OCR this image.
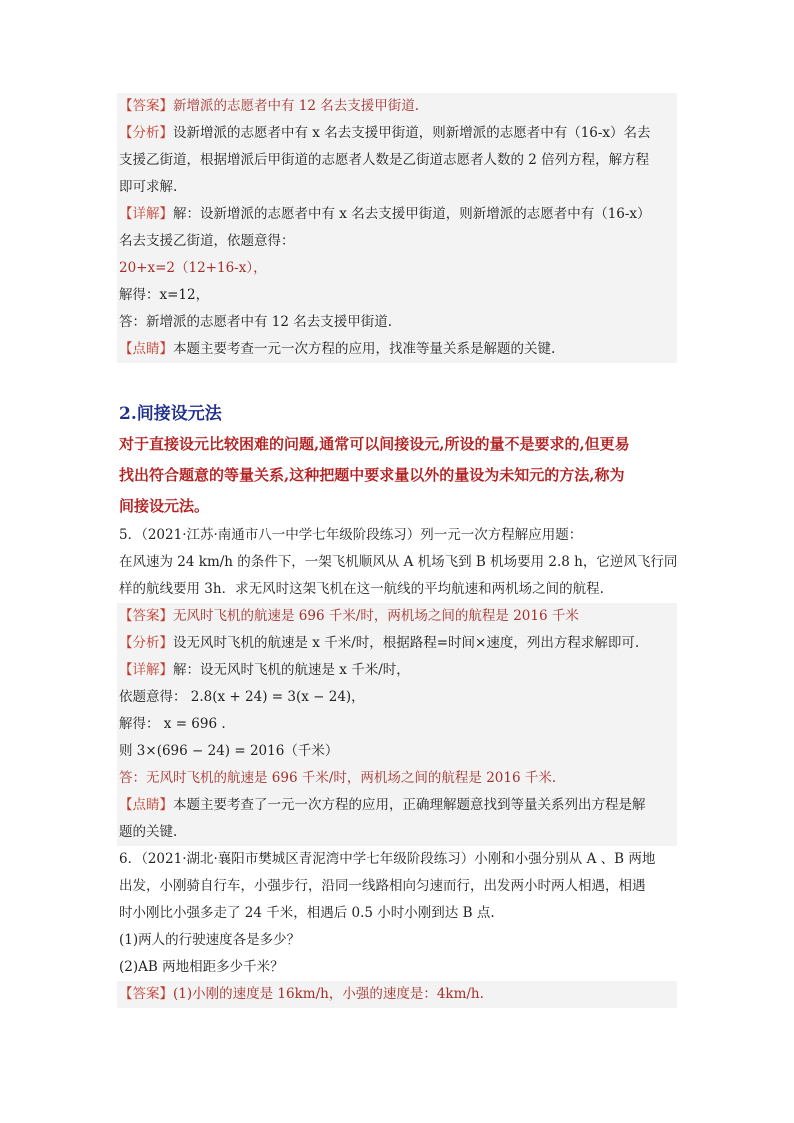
【答案】新增派的志愿者中有 12 名去支援甲街道.
【分析】设新增派的志愿者中有 x 名去支援甲街道，则新增派的志愿者中有（16-x）名去
支援乙街道，根据增派后甲街道的志愿者人数是乙街道志愿者人数的 2 倍列方程，解方程
即可求解.
【详解】解：设新增派的志愿者中有 x 名去支援甲街道，则新增派的志愿者中有（16-x）
名去支援乙街道，依题意得：
20+x=2（12+16-x），
解得：x=12，
答：新增派的志愿者中有 12 名去支援甲街道.
【点睛】本题主要考查一元一次方程的应用，找准等量关系是解题的关键.
2.间接设元法
对于直接设元比较困难的问题,通常可以间接设元,所设的量不是要求的,但更易
找出符合题意的等量关系,这种把题中要求量以外的量设为未知元的方法,称为
间接设元法。
5．（2021·江苏·南通市八一中学七年级阶段练习）列一元一次方程解应用题：
在风速为 24 km/h 的条件下，一架飞机顺风从 A 机场飞到 B 机场要用 2.8 h，它逆风飞行同
样的航线要用 3h．求无风时这架飞机在这一航线的平均航速和两机场之间的航程.
【答案】无风时飞机的航速是 696 千米/时，两机场之间的航程是 2016 千米
【分析】设无风时飞机的航速是 x 千米/时，根据路程=时间×速度，列出方程求解即可.
【详解】解：设无风时飞机的航速是 x 千米/时，
依题意得： 2.8(x + 24) = 3(x − 24)，
解得： x = 696 .
则 3×(696 − 24) = 2016（千米）
答：无风时飞机的航速是 696 千米/时，两机场之间的航程是 2016 千米.
【点睛】本题主要考查了一元一次方程的应用，正确理解题意找到等量关系列出方程是解
题的关键.
6．（2021·湖北·襄阳市樊城区青泥湾中学七年级阶段练习）小刚和小强分别从 A 、B 两地
出发，小刚骑自行车，小强步行，沿同一线路相向匀速而行，出发两小时两人相遇，相遇
时小刚比小强多走了 24 千米，相遇后 0.5 小时小刚到达 B 点.
(1)两人的行驶速度各是多少？
(2)AB 两地相距多少千米？
【答案】(1)小刚的速度是 16km/h，小强的速度是：4km/h.
